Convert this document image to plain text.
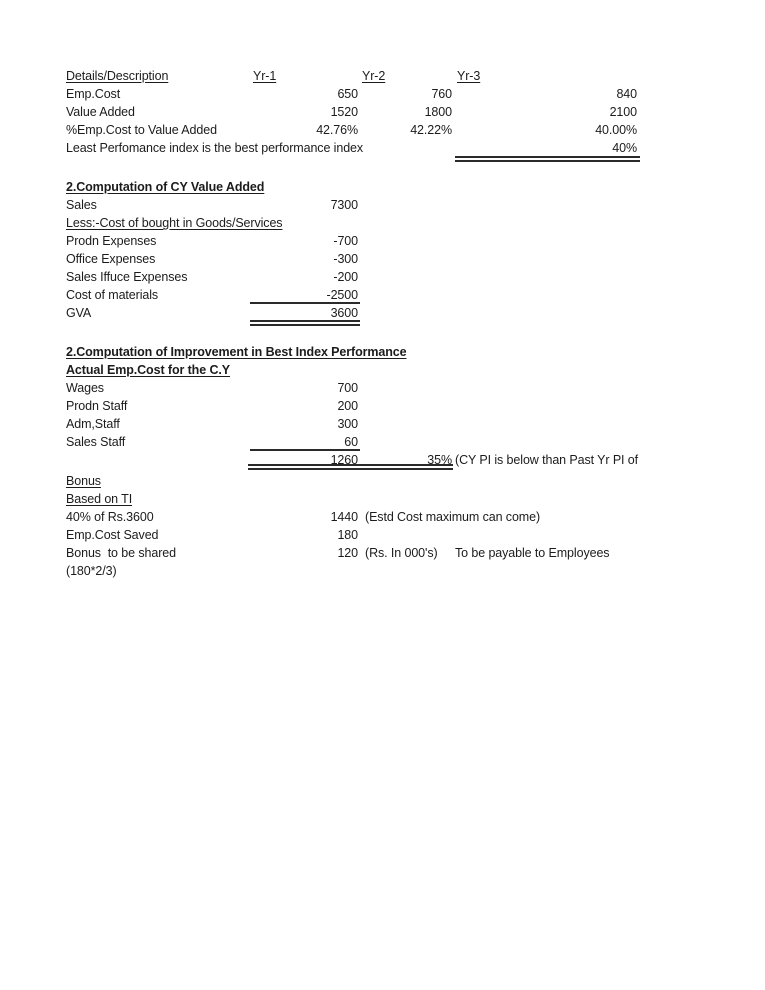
Details/Description	Yr-1	Yr-2	Yr-3
Emp.Cost	650	760	840
Value Added	1520	1800	2100
%Emp.Cost to Value Added	42.76%	42.22%	40.00%
Least Perfomance index is the best performance index	40%
2.Computation of CY Value Added
Sales	7300
Less:-Cost of bought in Goods/Services
Prodn Expenses	-700
Office Expenses	-300
Sales Iffuce Expenses	-200
Cost of materials	-2500
GVA	3600
2.Computation of Improvement in Best Index Performance
Actual Emp.Cost for the C.Y
Wages	700
Prodn Staff	200
Adm,Staff	300
Sales Staff	60
1260	35% (CY PI is below than Past Yr PI of
Bonus
Based on TI
40% of Rs.3600	1440 (Estd Cost maximum can come)
Emp.Cost Saved	180
Bonus  to be shared	120 (Rs. In 000's) To be payable to Employees
(180*2/3)
